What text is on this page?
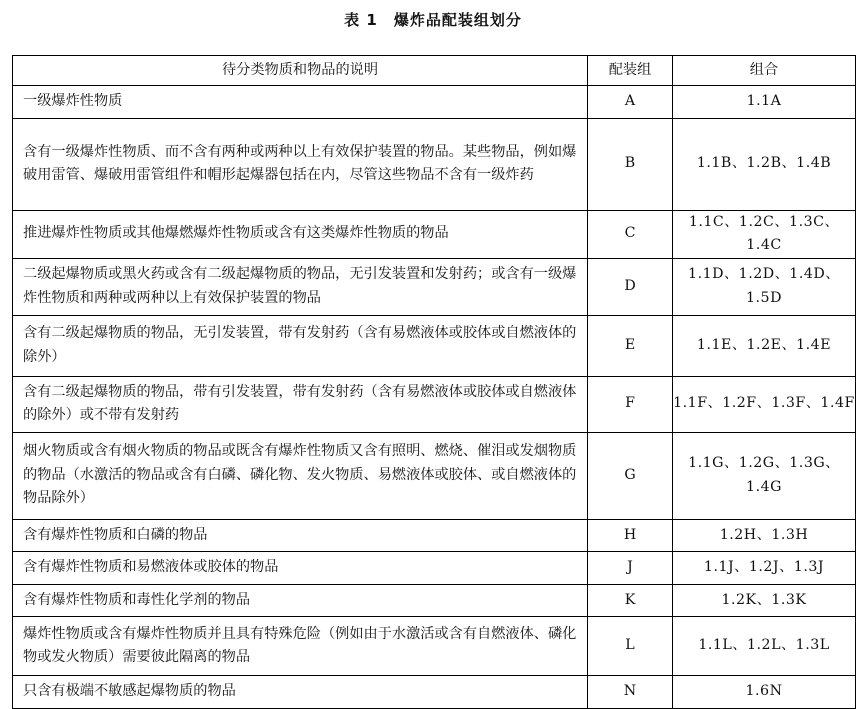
表 1　爆炸品配装组划分
待分类物质和物品的说明	配装组	组合
一级爆炸性物质	A	1.1A
含有一级爆炸性物质、而不含有两种或两种以上有效保护装置的物品。某些物品，例如爆破用雷管、爆破用雷管组件和帽形起爆器包括在内，尽管这些物品不含有一级炸药	B	1.1B、1.2B、1.4B
推进爆炸性物质或其他爆燃爆炸性物质或含有这类爆炸性物质的物品	C	1.1C、1.2C、1.3C、1.4C
二级起爆物质或黑火药或含有二级起爆物质的物品，无引发装置和发射药；或含有一级爆炸性物质和两种或两种以上有效保护装置的物品	D	1.1D、1.2D、1.4D、1.5D
含有二级起爆物质的物品，无引发装置，带有发射药（含有易燃液体或胶体或自燃液体的除外）	E	1.1E、1.2E、1.4E
含有二级起爆物质的物品，带有引发装置，带有发射药（含有易燃液体或胶体或自燃液体的除外）或不带有发射药	F	1.1F、1.2F、1.3F、1.4F
烟火物质或含有烟火物质的物品或既含有爆炸性物质又含有照明、燃烧、催泪或发烟物质的物品（水激活的物品或含有白磷、磷化物、发火物质、易燃液体或胶体、或自燃液体的物品除外）	G	1.1G、1.2G、1.3G、1.4G
含有爆炸性物质和白磷的物品	H	1.2H、1.3H
含有爆炸性物质和易燃液体或胶体的物品	J	1.1J、1.2J、1.3J
含有爆炸性物质和毒性化学剂的物品	K	1.2K、1.3K
爆炸性物质或含有爆炸性物质并且具有特殊危险（例如由于水激活或含有自燃液体、磷化物或发火物质）需要彼此隔离的物品	L	1.1L、1.2L、1.3L
只含有极端不敏感起爆物质的物品	N	1.6N
